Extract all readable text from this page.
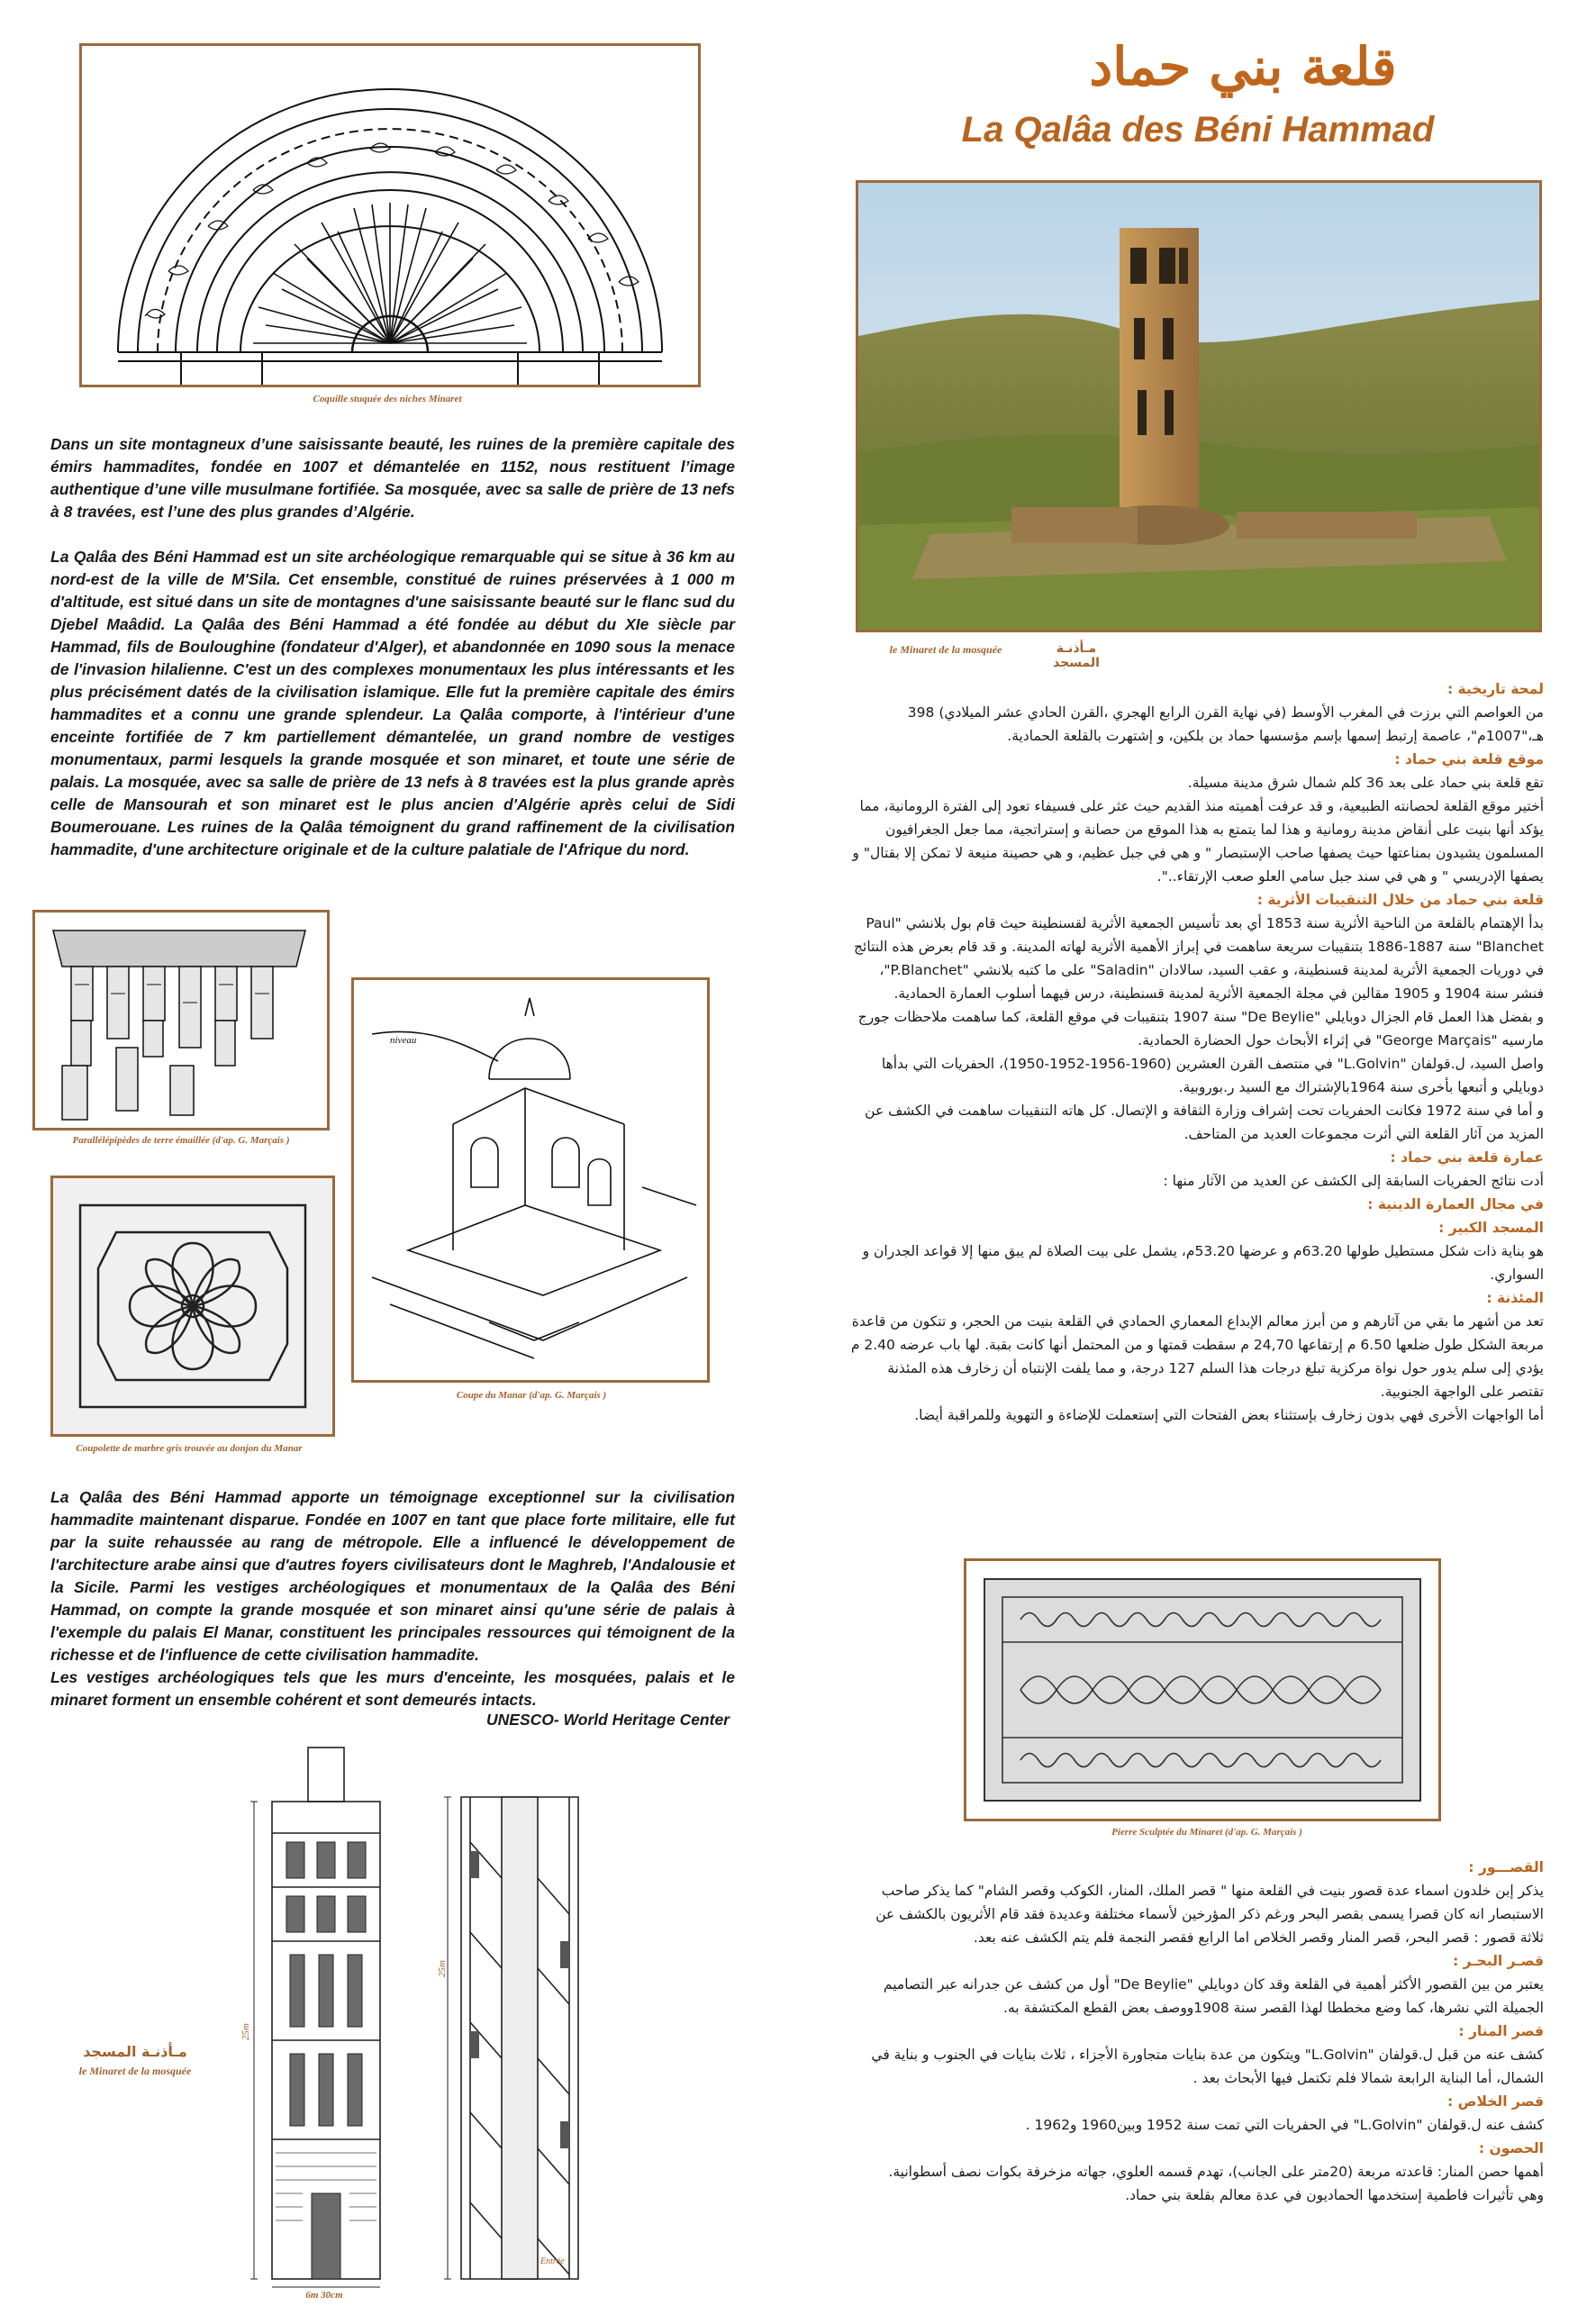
قلعة بني حماد
La Qalâa des Béni Hammad
Coquille stuquée des niches Minaret

Dans un site montagneux d’une saisissante beauté, les ruines de la première capitale des émirs hammadites, fondée en 1007 et démantelée en 1152, nous restituent l’image authentique d’une ville musulmane fortifiée. Sa mosquée, avec sa salle de prière de 13 nefs à 8 travées, est l’une des plus grandes d’Algérie.

La Qalâa des Béni Hammad est un site archéologique remarquable qui se situe à 36 km au nord-est de la ville de M'Sila. Cet ensemble, constitué de ruines préservées à 1 000 m d'altitude, est situé dans un site de montagnes d'une saisissante beauté sur le flanc sud du Djebel Maâdid. La Qalâa des Béni Hammad a été fondée au début du XIe siècle par Hammad, fils de Bouloughine (fondateur d'Alger), et abandonnée en 1090 sous la menace de l'invasion hilalienne. C'est un des complexes monumentaux les plus intéressants et les plus précisément datés de la civilisation islamique. Elle fut la première capitale des émirs hammadites et a connu une grande splendeur. La Qalâa comporte, à l'intérieur d'une enceinte fortifiée de 7 km partiellement démantelée, un grand nombre de vestiges monumentaux, parmi lesquels la grande mosquée et son minaret, et toute une série de palais. La mosquée, avec sa salle de prière de 13 nefs à 8 travées est la plus grande après celle de Mansourah et son minaret est le plus ancien d'Algérie après celui de Sidi Boumerouane. Les ruines de la Qalâa témoignent du grand raffinement de la civilisation hammadite, d'une architecture originale et de la culture palatiale de l'Afrique du nord.

le Minaret de la mosquée	مـأذنـة المسجد
لمحة تاريخية :

من العواصم التي برزت في المغرب الأوسط (في نهاية القرن الرابع الهجري ،القرن الحادي عشر الميلادي) 398 هـ،"1007م"، عاصمة إرتبط إسمها بإسم مؤسسها حماد بن بلكين، و إشتهرت بالقلعة الحمادية.

موقع قلعة بني حماد :

تقع قلعة بني حماد على بعد 36 كلم شمال شرق مدينة مسيلة.

أختير موقع القلعة لحصانته الطبيعية، و قد عرفت أهميته منذ القديم حيث عثر على فسيفاء تعود إلى الفترة الرومانية، مما يؤكد أنها بنيت على أنقاض مدينة رومانية و هذا لما يتمتع به هذا الموقع من حصانة و إستراتجية، مما جعل الجغرافيون المسلمون يشيدون بمناعتها حيث يصفها صاحب الإستبصار " و هي في جبل عظيم، و هي حصينة منيعة لا تمكن إلا بقتال" و يصفها الإدريسي " و هي في سند جبل سامي العلو صعب الإرتقاء..".

قلعة بني حماد من خلال التنقيبات الأثرية :

بدأ الإهتمام بالقلعة من الناحية الأثرية سنة 1853 أي بعد تأسيس الجمعية الأثرية لقسنطينة حيث قام بول بلانشي "Paul Blanchet" سنة 1887-1886 بتنقيبات سريعة ساهمت في إبراز الأهمية الأثرية لهاته المدينة. و قد قام بعرض هذه النتائج في دوريات الجمعية الأثرية لمدينة قسنطينة، و عقب السيد، سالادان "Saladin" على ما كتبه بلانشي "P.Blanchet"، فنشر سنة 1904 و 1905 مقالين في مجلة الجمعية الأثرية لمدينة قسنطينة، درس فيهما أسلوب العمارة الحمادية.

و بفضل هذا العمل قام الجزال دوبايلي "De Beylie" سنة 1907 بتنقيبات في موقع القلعة، كما ساهمت ملاحظات جورج مارسيه "George Marçais" في إثراء الأبحاث حول الحضارة الحمادية.

واصل السيد، ل.قولفان "L.Golvin" في منتصف القرن العشرين (1960-1956-1952-1950)، الحفريات التي بدأها دوبايلي و أتبعها بأخرى سنة 1964بالإشتراك مع السيد ر.بوروبية.

و أما في سنة 1972 فكانت الحفريات تحت إشراف وزارة الثقافة و الإتصال. كل هاته التنقيبات ساهمت في الكشف عن المزيد من آثار القلعة التي أثرت مجموعات العديد من المتاحف.

عمارة قلعة بني حماد :

أدت نتائج الحفريات السابقة إلى الكشف عن العديد من الآثار منها :

في مجال العمارة الدينية :
المسجد الكبير :

هو بناية ذات شكل مستطيل طولها 63.20م و عرضها 53.20م، يشمل على بيت الصلاة لم يبق منها إلا قواعد الجدران و السواري.

المئذنة :

تعد من أشهر ما بقي من آثارهم و من أبرز معالم الإبداع المعماري الحمادي في القلعة بنيت من الحجر، و تتكون من قاعدة مربعة الشكل طول ضلعها 6.50 م إرتفاعها 24,70 م سقطت قمتها و من المحتمل أنها كانت بقبة. لها باب عرضه 2.40 م يؤدي إلى سلم يدور حول نواة مركزية تبلغ درجات هذا السلم 127 درجة، و مما يلفت الإنتباه أن زخارف هذه المئذنة تقتصر على الواجهة الجنوبية.

أما الواجهات الأخرى فهي بدون زخارف بإستثناء بعض الفتحات التي إستعملت للإضاءة و التهوية وللمراقبة أيضا.

Parallélépipèdes de terre émaillée (d'ap. G. Marçais )
Coupolette de marbre gris trouvée au donjon du Manar
niveau
Coupe du Manar (d'ap. G. Marçais )

La Qalâa des Béni Hammad apporte un témoignage exceptionnel sur la civilisation hammadite maintenant disparue. Fondée en 1007 en tant que place forte militaire, elle fut par la suite rehaussée au rang de métropole. Elle a influencé le développement de l'architecture arabe ainsi que d'autres foyers civilisateurs dont le Maghreb, l'Andalousie et la Sicile. Parmi les vestiges archéologiques et monumentaux de la Qalâa des Béni Hammad, on compte la grande mosquée et son minaret ainsi qu'une série de palais à l'exemple du palais El Manar, constituent les principales ressources qui témoignent de la richesse et de l'influence de cette civilisation hammadite.

Les vestiges archéologiques tels que les murs d'enceinte, les mosquées, palais et le minaret forment un ensemble cohérent et sont demeurés intacts.

UNESCO- World Heritage Center
Pierre Sculptée du Minaret (d'ap. G. Marçais )
القصـــور :

يذكر إبن خلدون اسماء عدة قصور بنيت في القلعة منها " قصر الملك، المنار، الكوكب وقصر الشام" كما يذكر صاحب الاستبصار انه كان قصرا يسمى بقصر البحر ورغم ذكر المؤرخين لأسماء مختلفة وعديدة فقد قام الأثريون بالكشف عن ثلاثة قصور : قصر البحر، قصر المنار وقصر الخلاص اما الرابع فقصر النجمة فلم يتم الكشف عنه بعد.

قصـر البحـر :

يعتبر من بين القصور الأكثر أهمية في القلعة وقد كان دوبايلي "De Beylie" أول من كشف عن جدرانه عبر التصاميم الجميلة التي نشرها، كما وضع مخططا لهذا القصر سنة 1908ووصف بعض القطع المكتشفة به.

قصر المنار :

كشف عنه من قبل ل.قولفان "L.Golvin" ويتكون من عدة بنايات متجاورة الأجزاء ، ثلاث بنايات في الجنوب و بناية في الشمال، أما البناية الرابعة شمالا فلم تكتمل فيها الأبحاث بعد .

قصر الخلاص :

كشف عنه ل.قولفان "L.Golvin" في الحفريات التي تمت سنة 1952 وبين1960 و1962 .

الحصون :

أهمها حصن المنار: قاعدته مربعة (20متر على الجانب)، تهدم قسمه العلوي، جهاته مزخرفة بكوات نصف أسطوانية.

وهي تأثيرات فاطمية إستخدمها الحماديون في عدة معالم بقلعة بني حماد.

مـأذنـة المسجد
le Minaret de la mosquée
25m
6m 30cm
25m
Entrée
